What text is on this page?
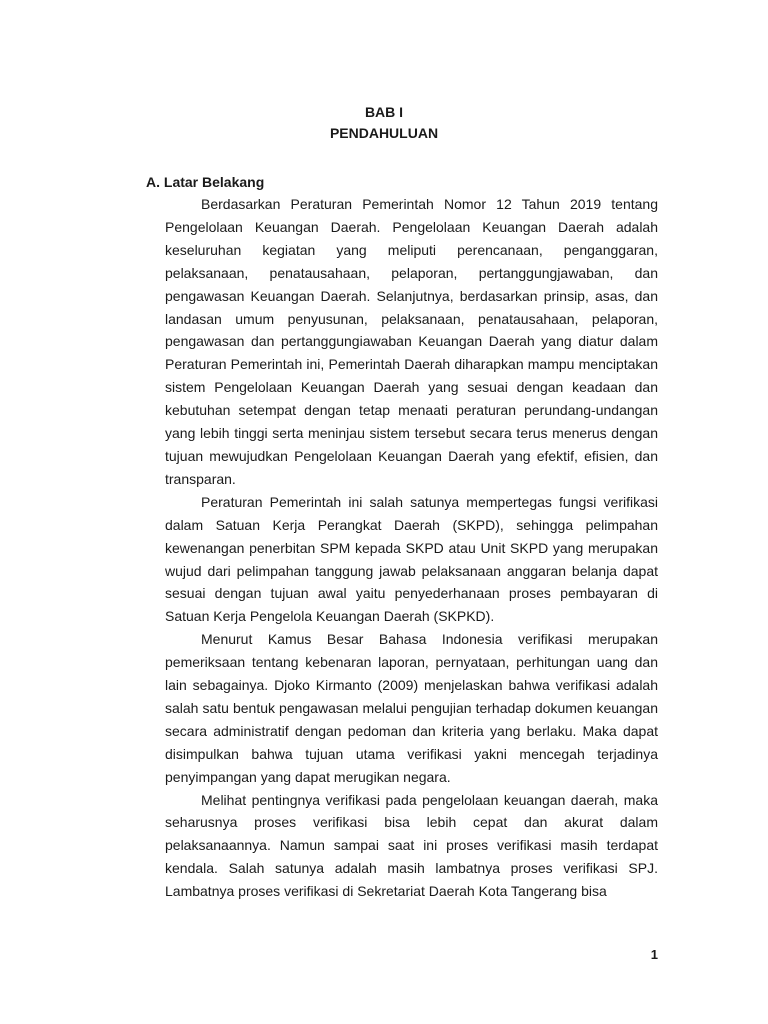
BAB I
PENDAHULUAN
A. Latar Belakang

Berdasarkan Peraturan Pemerintah Nomor 12 Tahun 2019 tentang Pengelolaan Keuangan Daerah. Pengelolaan Keuangan Daerah adalah keseluruhan kegiatan yang meliputi perencanaan, penganggaran, pelaksanaan, penatausahaan, pelaporan, pertanggungjawaban, dan pengawasan Keuangan Daerah. Selanjutnya, berdasarkan prinsip, asas, dan landasan umum penyusunan, pelaksanaan, penatausahaan, pelaporan, pengawasan dan pertanggungiawaban Keuangan Daerah yang diatur dalam Peraturan Pemerintah ini, Pemerintah Daerah diharapkan mampu menciptakan sistem Pengelolaan Keuangan Daerah yang sesuai dengan keadaan dan kebutuhan setempat dengan tetap menaati peraturan perundang-undangan yang lebih tinggi serta meninjau sistem tersebut secara terus menerus dengan tujuan mewujudkan Pengelolaan Keuangan Daerah yang efektif, efisien, dan transparan.

Peraturan Pemerintah ini salah satunya mempertegas fungsi verifikasi dalam Satuan Kerja Perangkat Daerah (SKPD), sehingga pelimpahan kewenangan penerbitan SPM kepada SKPD atau Unit SKPD yang merupakan wujud dari pelimpahan tanggung jawab pelaksanaan anggaran belanja dapat sesuai dengan tujuan awal yaitu penyederhanaan proses pembayaran di Satuan Kerja Pengelola Keuangan Daerah (SKPKD).

Menurut Kamus Besar Bahasa Indonesia verifikasi merupakan pemeriksaan tentang kebenaran laporan, pernyataan, perhitungan uang dan lain sebagainya. Djoko Kirmanto (2009) menjelaskan bahwa verifikasi adalah salah satu bentuk pengawasan melalui pengujian terhadap dokumen keuangan secara administratif dengan pedoman dan kriteria yang berlaku. Maka dapat disimpulkan bahwa tujuan utama verifikasi yakni mencegah terjadinya penyimpangan yang dapat merugikan negara.

Melihat pentingnya verifikasi pada pengelolaan keuangan daerah, maka seharusnya proses verifikasi bisa lebih cepat dan akurat dalam pelaksanaannya. Namun sampai saat ini proses verifikasi masih terdapat kendala. Salah satunya adalah masih lambatnya proses verifikasi SPJ. Lambatnya proses verifikasi di Sekretariat Daerah Kota Tangerang bisa

1
